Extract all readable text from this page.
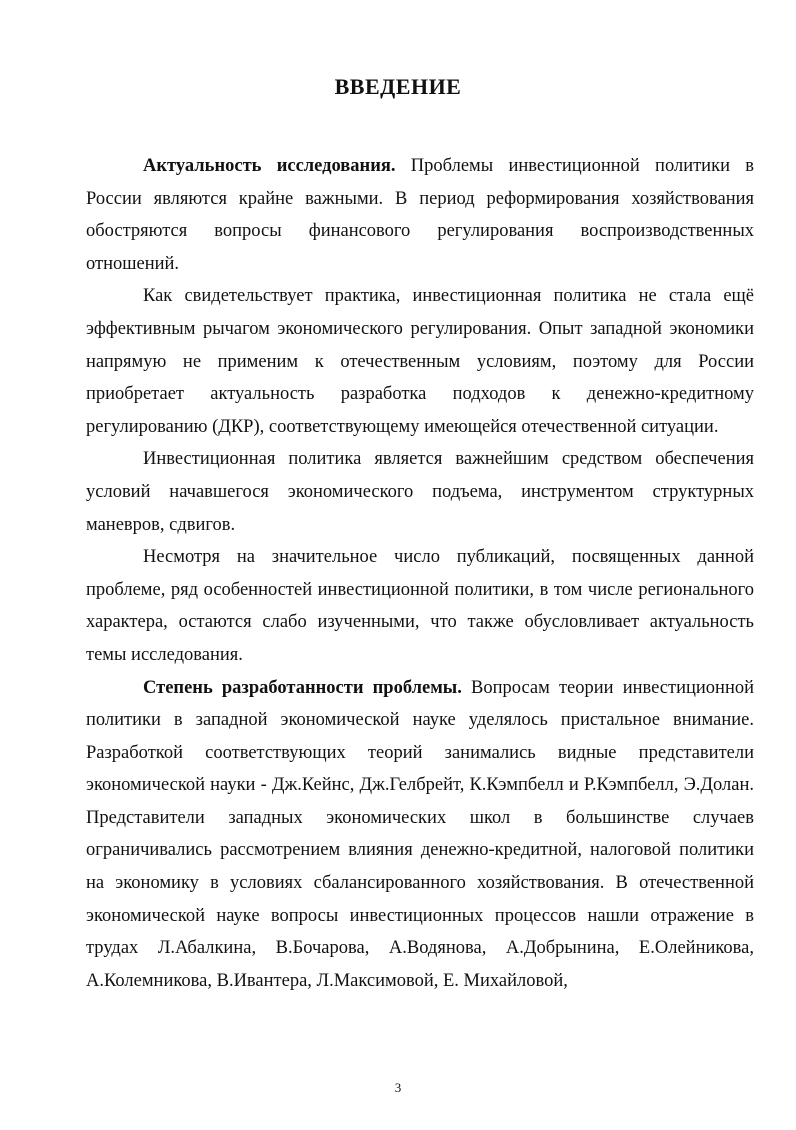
ВВЕДЕНИЕ

Актуальность исследования. Проблемы инвестиционной политики в России являются крайне важными. В период реформирования хозяйствования обостряются вопросы финансового регулирования воспроизводственных отношений.

Как свидетельствует практика, инвестиционная политика не стала ещё эффективным рычагом экономического регулирования. Опыт западной экономики напрямую не применим к отечественным условиям, поэтому для России приобретает актуальность разработка подходов к денежно-кредитному регулированию (ДКР), соответствующему имеющейся отечественной ситуации.

Инвестиционная политика является важнейшим средством обеспечения условий начавшегося экономического подъема, инструментом структурных маневров, сдвигов.

Несмотря на значительное число публикаций, посвященных данной проблеме, ряд особенностей инвестиционной политики, в том числе регионального характера, остаются слабо изученными, что также обусловливает актуальность темы исследования.

Степень разработанности проблемы. Вопросам теории инвестиционной политики в западной экономической науке уделялось пристальное внимание. Разработкой соответствующих теорий занимались видные представители экономической науки - Дж.Кейнс, Дж.Гелбрейт, К.Кэмпбелл и Р.Кэмпбелл, Э.Долан. Представители западных экономических школ в большинстве случаев ограничивались рассмотрением влияния денежно-кредитной, налоговой политики на экономику в условиях сбалансированного хозяйствования. В отечественной экономической науке вопросы инвестиционных процессов нашли отражение в трудах Л.Абалкина, В.Бочарова, А.Водянова, А.Добрынина, Е.Олейникова, А.Колемникова, В.Ивантера, Л.Максимовой, Е. Михайловой,

3
